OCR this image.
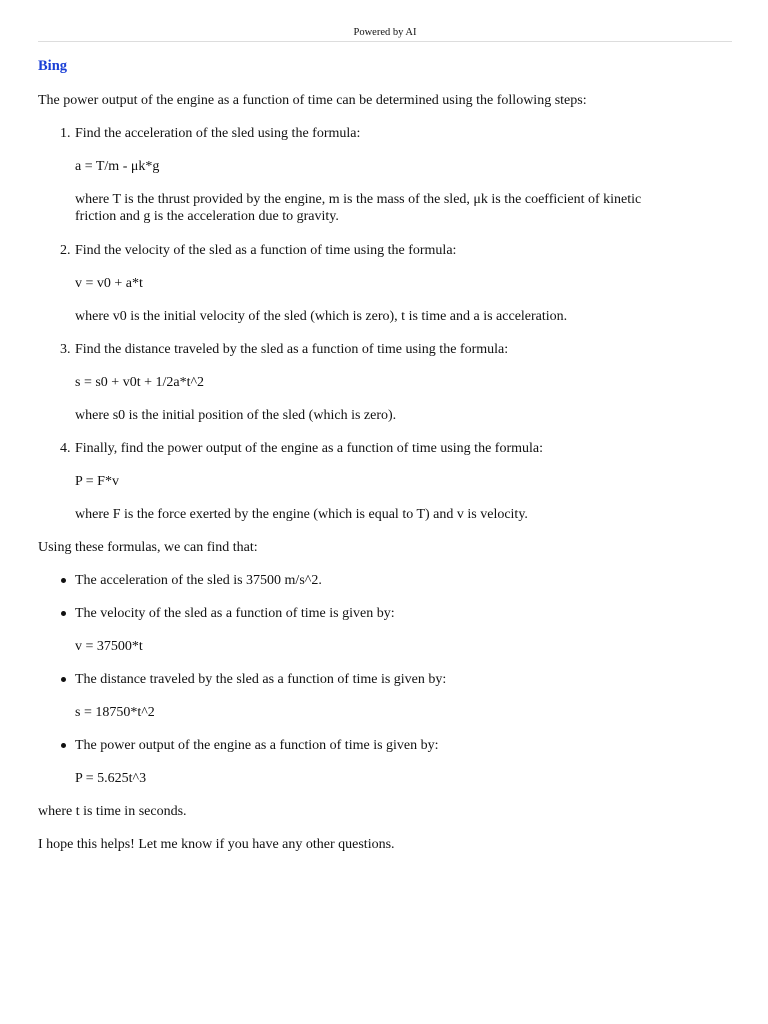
Powered by AI
Bing
The power output of the engine as a function of time can be determined using the following steps:
1. Find the acceleration of the sled using the formula:
a = T/m - μk*g
where T is the thrust provided by the engine, m is the mass of the sled, μk is the coefficient of kinetic
friction and g is the acceleration due to gravity.
2. Find the velocity of the sled as a function of time using the formula:
v = v0 + a*t
where v0 is the initial velocity of the sled (which is zero), t is time and a is acceleration.
3. Find the distance traveled by the sled as a function of time using the formula:
s = s0 + v0t + 1/2a*t^2
where s0 is the initial position of the sled (which is zero).
4. Finally, find the power output of the engine as a function of time using the formula:
P = F*v
where F is the force exerted by the engine (which is equal to T) and v is velocity.
Using these formulas, we can find that:
The acceleration of the sled is 37500 m/s^2.
The velocity of the sled as a function of time is given by:
v = 37500*t
The distance traveled by the sled as a function of time is given by:
s = 18750*t^2
The power output of the engine as a function of time is given by:
P = 5.625t^3
where t is time in seconds.
I hope this helps! Let me know if you have any other questions.
